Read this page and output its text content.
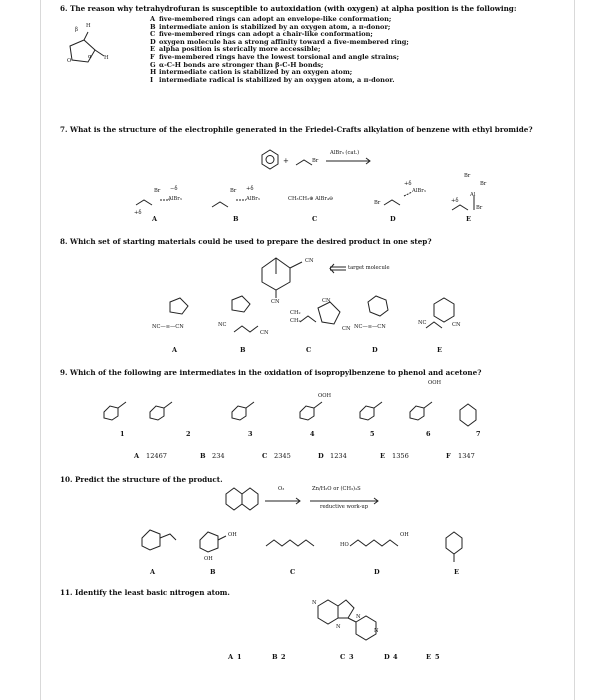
6. The reason why tetrahydrofuran is susceptible to autoxidation (with oxygen) at alpha position is the following:
β
H
α H
O
A five-membered rings can adopt an envelope-like conformation;
B intermediate anion is stabilized by an oxygen atom, a π-donor;
C five-membered rings can adopt a chair-like conformation;
D oxygen molecule has a strong affinity toward a five-membered ring;
E alpha position is sterically more accessible;
F five-membered rings have the lowest torsional and angle strains;
G α-C-H bonds are stronger than β-C-H bonds;
H intermediate cation is stabilized by an oxygen atom;
I intermediate radical is stabilized by an oxygen atom, a π-donor.
7. What is the structure of the electrophile generated in the Friedel-Crafts alkylation of benzene with ethyl bromide?
+	Br
AlBr₃ (cat.)
Br −δ
+δ
AlBr₃
Br +δ
AlBr₃	CH₃CH₂⊕ AlBr₄⊖
Br
AlBr₃
+δ
Br
Br
Br
Al
+δ
A	B	C	D	E
8. Which set of starting materials could be used to prepare the desired product in one step?
CN
CN
target molecule
NC—≡—CN	NC
CN
CH₂
CH₂
CN
CN NC—≡—CN
NC	CN
A	B	C	D	E
9. Which of the following are intermediates in the oxidation of isopropylbenzene to phenol and acetone?
OOH
OOH
1	2	3	4	5	6	7
A 12467	B 234	C 2345	D 1234	E 1356	F 1347
10. Predict the structure of the product.
O₃	Zn/H₂O or (CH₃)₂S
reductive work-up
OH
OH
HO
OH
A	B	C	D	E
11. Identify the least basic nitrogen atom.
N
N
N
N
A 1	B 2	C 3	D 4	E 5
